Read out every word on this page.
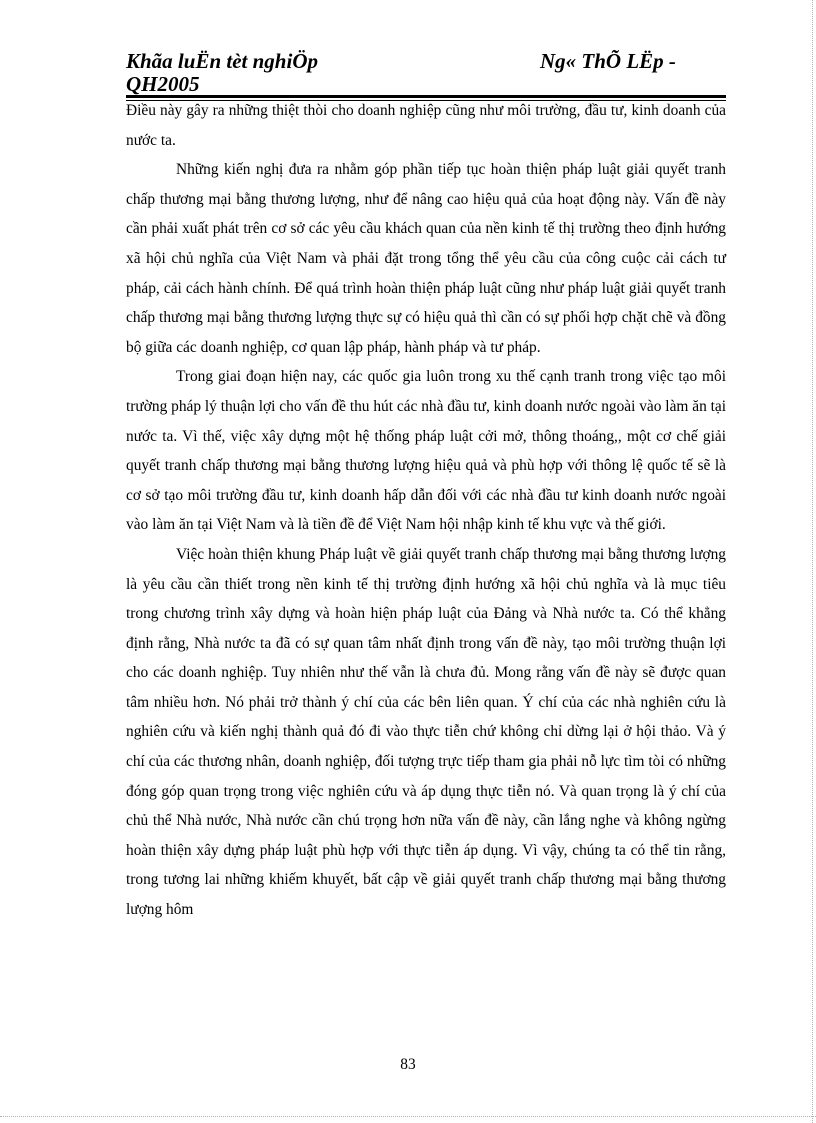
Khãa luËn tèt nghiÖp	Ng« ThÕ LËp -
QH2005

Điều này gây ra những thiệt thòi cho doanh nghiệp cũng như môi trường, đầu tư, kinh doanh của nước ta.

Những kiến nghị đưa ra nhằm góp phần tiếp tục hoàn thiện pháp luật giải quyết tranh chấp thương mại bằng thương lượng, như để nâng cao hiệu quả của hoạt động này. Vấn đề này cần phải xuất phát trên cơ sở các yêu cầu khách quan của nền kinh tế thị trường theo định hướng xã hội chủ nghĩa của Việt Nam và phải đặt trong tổng thể yêu cầu của công cuộc cải cách tư pháp, cải cách hành chính. Để quá trình hoàn thiện pháp luật cũng như pháp luật giải quyết tranh chấp thương mại bằng thương lượng thực sự có hiệu quả thì cần có sự phối hợp chặt chẽ và đồng bộ giữa các doanh nghiệp, cơ quan lập pháp, hành pháp và tư pháp.

Trong giai đoạn hiện nay, các quốc gia luôn trong xu thế cạnh tranh trong việc tạo môi trường pháp lý thuận lợi cho vấn đề thu hút các nhà đầu tư, kinh doanh nước ngoài vào làm ăn tại nước ta. Vì thế, việc xây dựng một hệ thống pháp luật cởi mở, thông thoáng,, một cơ chế giải quyết tranh chấp thương mại bằng thương lượng hiệu quả và phù hợp với thông lệ quốc tế sẽ là cơ sở tạo môi trường đầu tư, kinh doanh hấp dẫn đối với các nhà đầu tư kinh doanh nước ngoài vào làm ăn tại Việt Nam và là tiền đề để Việt Nam hội nhập kinh tế khu vực và thế giới.

Việc hoàn thiện khung Pháp luật về giải quyết tranh chấp thương mại bằng thương lượng là yêu cầu cần thiết trong nền kinh tế thị trường định hướng xã hội chủ nghĩa và là mục tiêu trong chương trình xây dựng và hoàn hiện pháp luật của Đảng và Nhà nước ta. Có thể khẳng định rằng, Nhà nước ta đã có sự quan tâm nhất định trong vấn đề này, tạo môi trường thuận lợi cho các doanh nghiệp. Tuy nhiên như thế vẫn là chưa đủ. Mong rằng vấn đề này sẽ được quan tâm nhiều hơn. Nó phải trở thành ý chí của các bên liên quan. Ý chí của các nhà nghiên cứu là nghiên cứu và kiến nghị thành quả đó đi vào thực tiễn chứ không chỉ dừng lại ở hội thảo. Và ý chí của các thương nhân, doanh nghiệp, đối tượng trực tiếp tham gia phải nỗ lực tìm tòi có những đóng góp quan trọng trong việc nghiên cứu và áp dụng thực tiễn nó. Và quan trọng là ý chí của chủ thể Nhà nước, Nhà nước cần chú trọng hơn nữa vấn đề này, cần lắng nghe và không ngừng hoàn thiện xây dựng pháp luật phù hợp với thực tiễn áp dụng. Vì vậy, chúng ta có thể tin rằng, trong tương lai những khiếm khuyết, bất cập về giải quyết tranh chấp thương mại bằng thương lượng hôm

83
